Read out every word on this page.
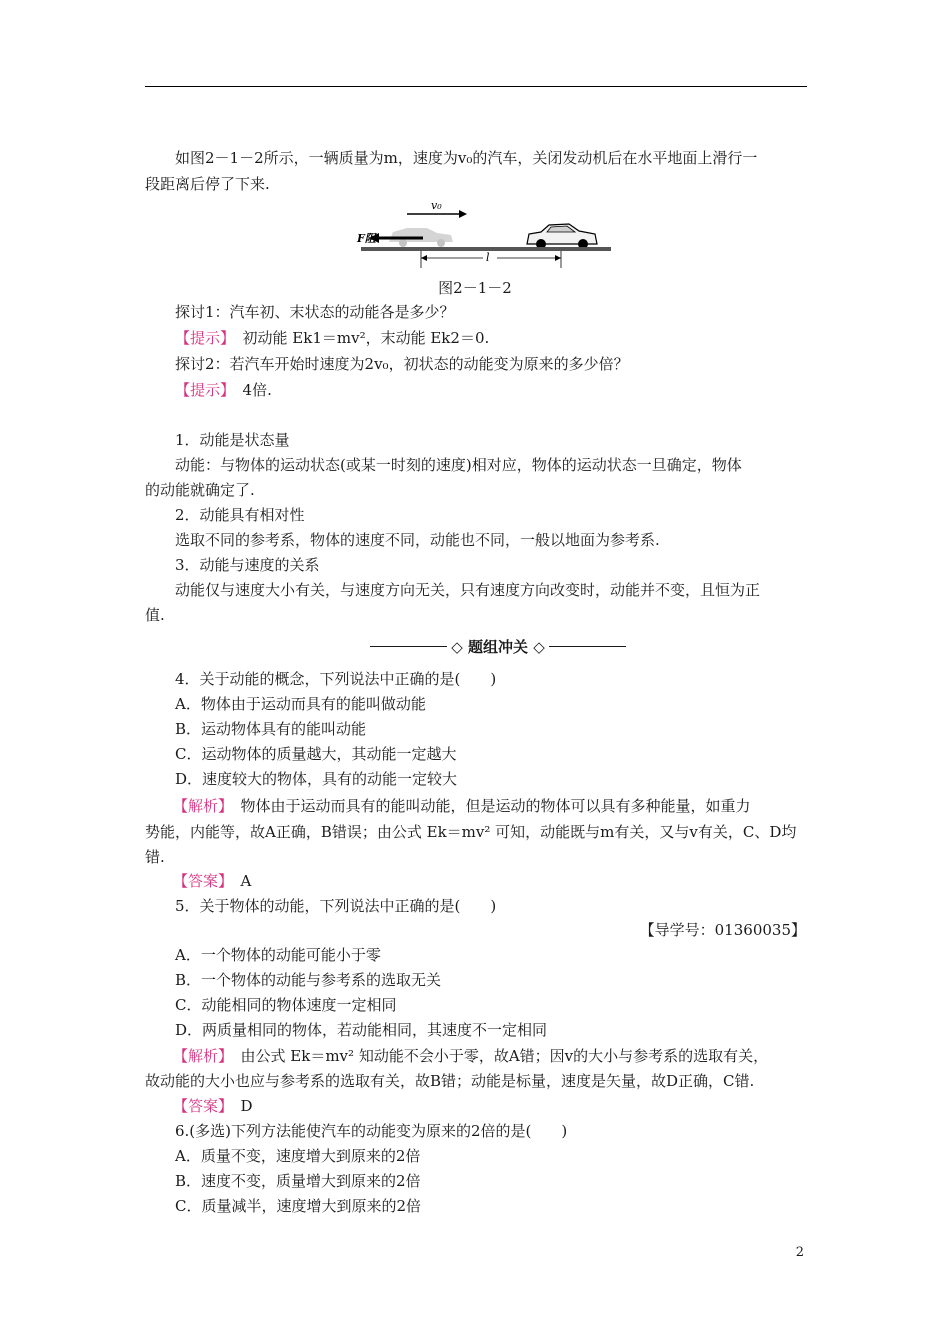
如图2－1－2所示，一辆质量为m，速度为v₀的汽车，关闭发动机后在水平地面上滑行一
段距离后停了下来.
v₀
F阻
l
图2－1－2
探讨1：汽车初、末状态的动能各是多少？
【提示】　 初动能 Ek1＝mv²，末动能 Ek2＝0.
探讨2：若汽车开始时速度为2v₀，初状态的动能变为原来的多少倍？
【提示】　 4倍.
1．动能是状态量
动能：与物体的运动状态(或某一时刻的速度)相对应，物体的运动状态一旦确定，物体
的动能就确定了.
2．动能具有相对性
选取不同的参考系，物体的速度不同，动能也不同，一般以地面为参考系.
3．动能与速度的关系
动能仅与速度大小有关，与速度方向无关，只有速度方向改变时，动能并不变，且恒为正
值.
◇ 题组冲关 ◇
4．关于动能的概念，下列说法中正确的是(　　)
A．物体由于运动而具有的能叫做动能
B．运动物体具有的能叫动能
C．运动物体的质量越大，其动能一定越大
D．速度较大的物体，具有的动能一定较大
【解析】　 物体由于运动而具有的能叫动能，但是运动的物体可以具有多种能量，如重力
势能，内能等，故A正确，B错误；由公式 Ek＝mv² 可知，动能既与m有关，又与v有关，C、D均
错.
【答案】　 A
5．关于物体的动能，下列说法中正确的是(　　)
【导学号：01360035】
A．一个物体的动能可能小于零
B．一个物体的动能与参考系的选取无关
C．动能相同的物体速度一定相同
D．两质量相同的物体，若动能相同，其速度不一定相同
【解析】　 由公式 Ek＝mv² 知动能不会小于零，故A错；因v的大小与参考系的选取有关，
故动能的大小也应与参考系的选取有关，故B错；动能是标量，速度是矢量，故D正确，C错.
【答案】　 D
6.(多选)下列方法能使汽车的动能变为原来的2倍的是(　　)
A．质量不变，速度增大到原来的2倍
B．速度不变，质量增大到原来的2倍
C．质量减半，速度增大到原来的2倍
2
